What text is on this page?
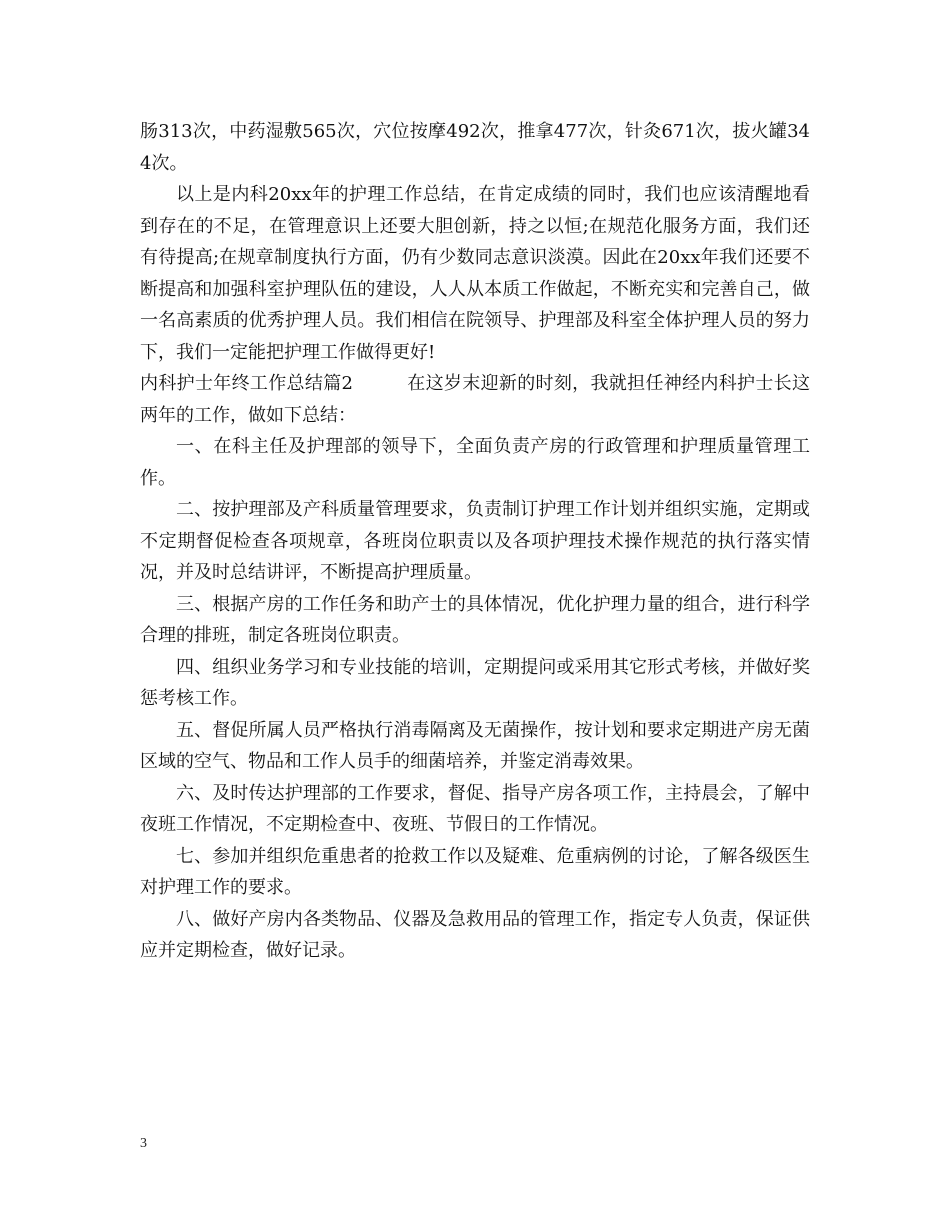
肠313次，中药湿敷565次，穴位按摩492次，推拿477次，针灸671次，拔火罐344次。

以上是内科20xx年的护理工作总结，在肯定成绩的同时，我们也应该清醒地看到存在的不足，在管理意识上还要大胆创新，持之以恒;在规范化服务方面，我们还有待提高;在规章制度执行方面，仍有少数同志意识淡漠。因此在20xx年我们还要不断提高和加强科室护理队伍的建设，人人从本质工作做起，不断充实和完善自己，做一名高素质的优秀护理人员。我们相信在院领导、护理部及科室全体护理人员的努力下，我们一定能把护理工作做得更好!

内科护士年终工作总结篇2	在这岁末迎新的时刻，我就担任神经内科护士长这两年的工作，做如下总结：

一、在科主任及护理部的领导下，全面负责产房的行政管理和护理质量管理工作。

二、按护理部及产科质量管理要求，负责制订护理工作计划并组织实施，定期或不定期督促检查各项规章，各班岗位职责以及各项护理技术操作规范的执行落实情况，并及时总结讲评，不断提高护理质量。

三、根据产房的工作任务和助产士的具体情况，优化护理力量的组合，进行科学合理的排班，制定各班岗位职责。

四、组织业务学习和专业技能的培训，定期提问或采用其它形式考核，并做好奖惩考核工作。

五、督促所属人员严格执行消毒隔离及无菌操作，按计划和要求定期进产房无菌区域的空气、物品和工作人员手的细菌培养，并鉴定消毒效果。

六、及时传达护理部的工作要求，督促、指导产房各项工作，主持晨会，了解中夜班工作情况，不定期检查中、夜班、节假日的工作情况。

七、参加并组织危重患者的抢救工作以及疑难、危重病例的讨论，了解各级医生对护理工作的要求。

八、做好产房内各类物品、仪器及急救用品的管理工作，指定专人负责，保证供应并定期检查，做好记录。

3
